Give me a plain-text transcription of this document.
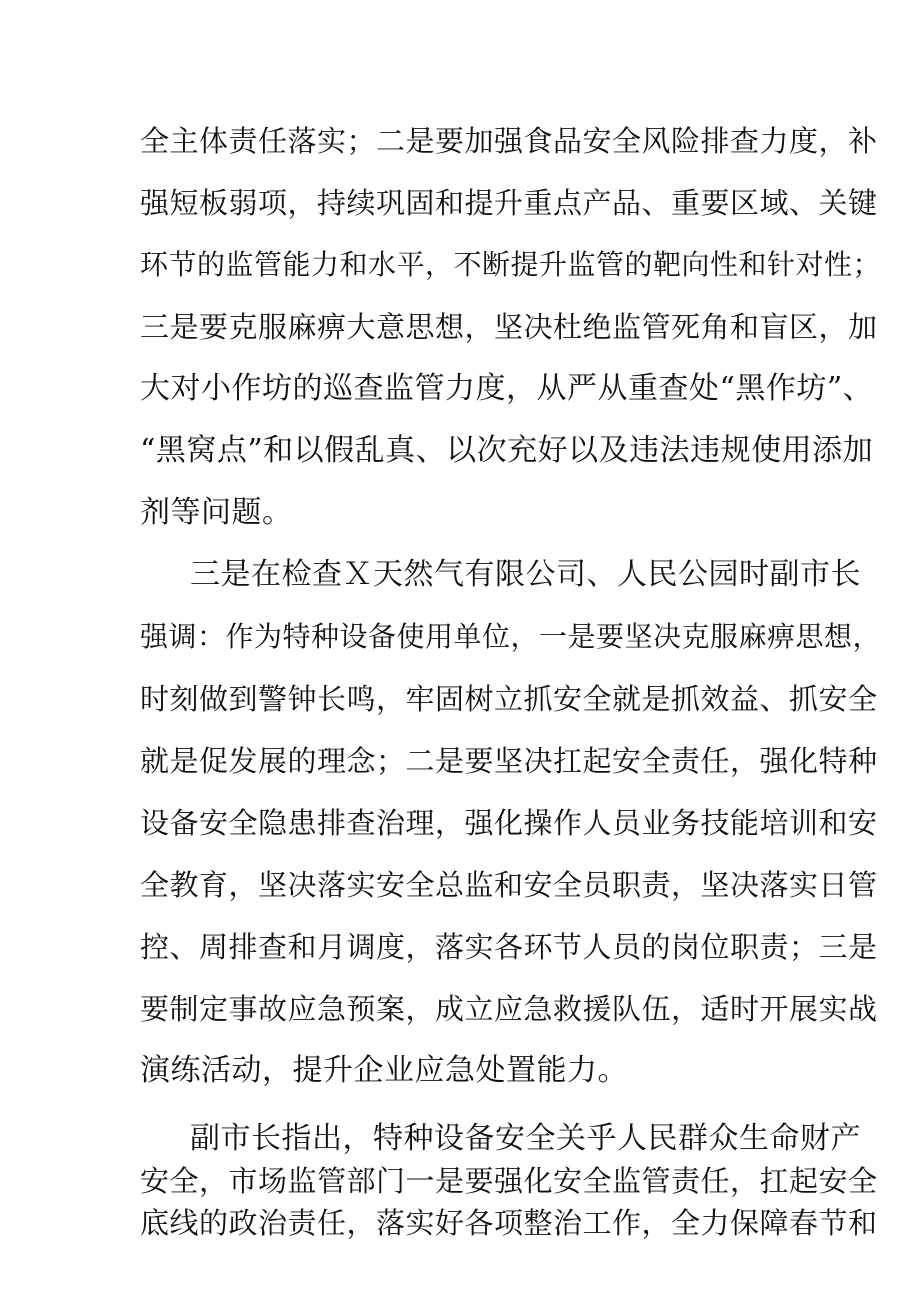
全主体责任落实；二是要加强食品安全风险排查力度，补

强短板弱项，持续巩固和提升重点产品、重要区域、关键

环节的监管能力和水平，不断提升监管的靶向性和针对性；

三是要克服麻痹大意思想，坚决杜绝监管死角和盲区，加

大对小作坊的巡查监管力度，从严从重查处“黑作坊”、

“黑窝点”和以假乱真、以次充好以及违法违规使用添加

剂等问题。

三是在检查Ｘ天然气有限公司、人民公园时副市长

强调：作为特种设备使用单位，一是要坚决克服麻痹思想，

时刻做到警钟长鸣，牢固树立抓安全就是抓效益、抓安全

就是促发展的理念；二是要坚决扛起安全责任，强化特种

设备安全隐患排查治理，强化操作人员业务技能培训和安

全教育，坚决落实安全总监和安全员职责，坚决落实日管

控、周排查和月调度，落实各环节人员的岗位职责；三是

要制定事故应急预案，成立应急救援队伍，适时开展实战

演练活动，提升企业应急处置能力。

副市长指出，特种设备安全关乎人民群众生命财产

安全，市场监管部门一是要强化安全监管责任，扛起安全

底线的政治责任，落实好各项整治工作，全力保障春节和
